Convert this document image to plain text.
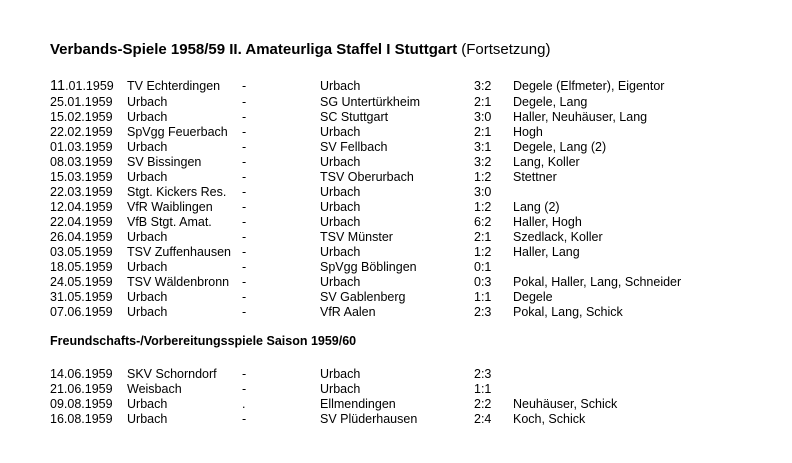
Verbands-Spiele 1958/59 II. Amateurliga Staffel I Stuttgart (Fortsetzung)
11.01.1959 TV Echterdingen -	Urbach	3:2 Degele (Elfmeter), Eigentor
25.01.1959 Urbach	-	SG Untertürkheim	2:1 Degele, Lang
15.02.1959 Urbach	-	SC Stuttgart	3:0 Haller, Neuhäuser, Lang
22.02.1959 SpVgg Feuerbach -	Urbach	2:1 Hogh
01.03.1959 Urbach	-	SV Fellbach	3:1 Degele, Lang (2)
08.03.1959 SV Bissingen	-	Urbach	3:2 Lang, Koller
15.03.1959 Urbach	-	TSV Oberurbach	1:2 Stettner
22.03.1959 Stgt. Kickers Res. -	Urbach	3:0
12.04.1959 VfR Waiblingen -	Urbach	1:2 Lang (2)
22.04.1959 VfB Stgt. Amat. -	Urbach	6:2 Haller, Hogh
26.04.1959 Urbach	-	TSV Münster	2:1 Szedlack, Koller
03.05.1959 TSV Zuffenhausen -	Urbach	1:2 Haller, Lang
18.05.1959 Urbach	-	SpVgg Böblingen	0:1
24.05.1959 TSV Wäldenbronn -	Urbach	0:3 Pokal, Haller, Lang, Schneider
31.05.1959 Urbach	-	SV Gablenberg	1:1 Degele
07.06.1959 Urbach	-	VfR Aalen	2:3 Pokal, Lang, Schick
Freundschafts-/Vorbereitungsspiele Saison 1959/60
14.06.1959 SKV Schorndorf -	Urbach	2:3
21.06.1959 Weisbach	-	Urbach	1:1
09.08.1959 Urbach	.	Ellmendingen	2:2 Neuhäuser, Schick
16.08.1959 Urbach	-	SV Plüderhausen	2:4 Koch, Schick
